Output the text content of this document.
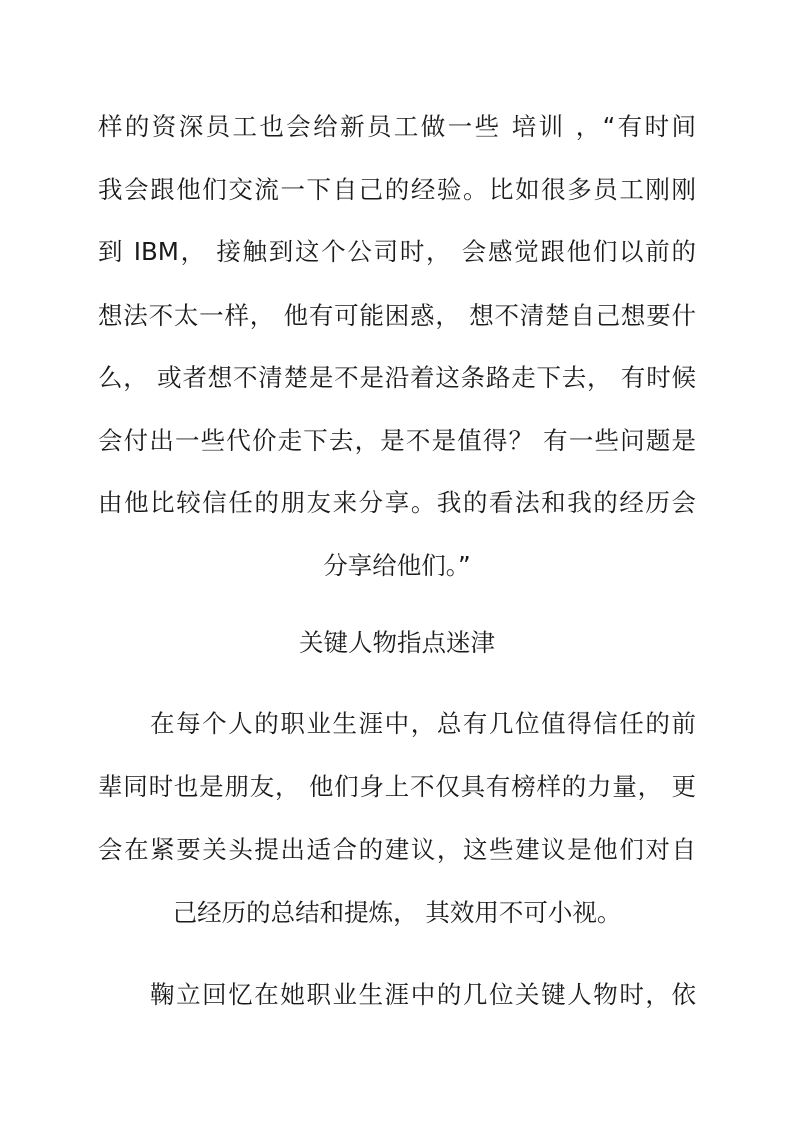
样的资深员工也会给新员工做一些 培训 ，“有时间
我会跟他们交流一下自己的经验。比如很多员工刚刚
到 IBM， 接触到这个公司时， 会感觉跟他们以前的
想法不太一样， 他有可能困惑， 想不清楚自己想要什
么， 或者想不清楚是不是沿着这条路走下去， 有时候
会付出一些代价走下去，是不是值得？ 有一些问题是
由他比较信任的朋友来分享。我的看法和我的经历会
分享给他们。”
关键人物指点迷津
在每个人的职业生涯中，总有几位值得信任的前
辈同时也是朋友， 他们身上不仅具有榜样的力量， 更
会在紧要关头提出适合的建议，这些建议是他们对自
己经历的总结和提炼， 其效用不可小视。
鞠立回忆在她职业生涯中的几位关键人物时，依
